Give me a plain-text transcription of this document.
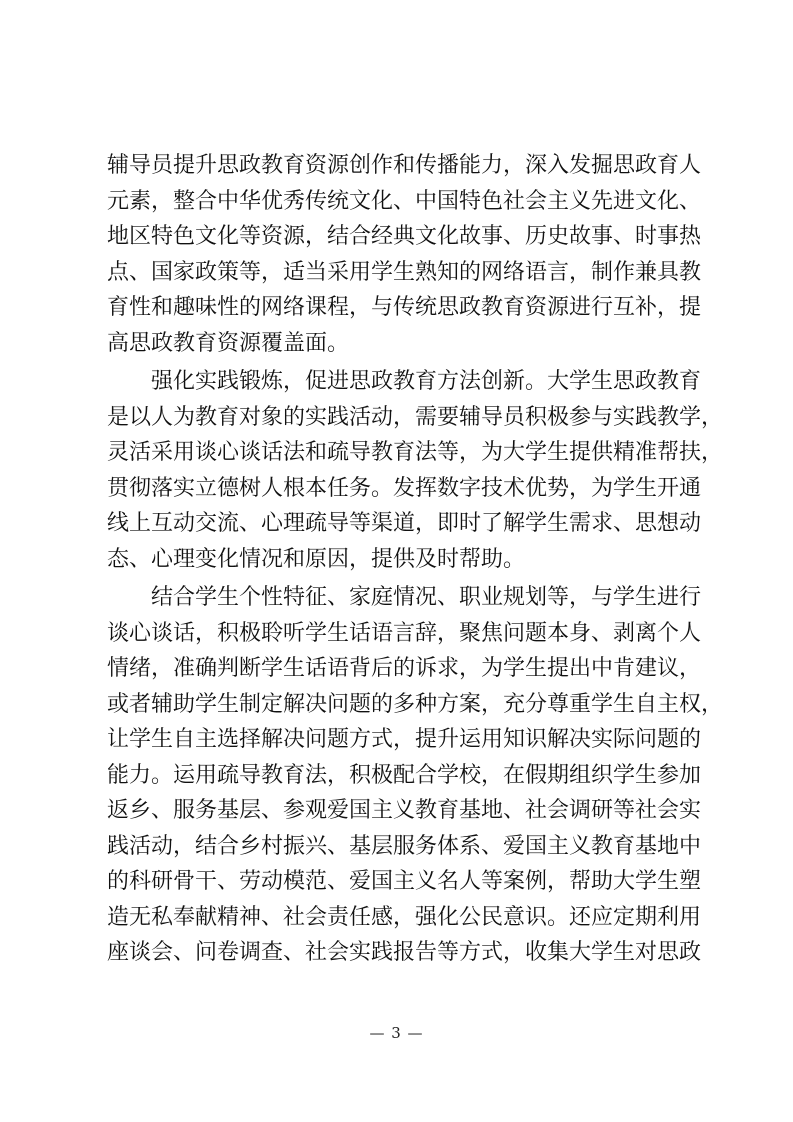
辅导员提升思政教育资源创作和传播能力，深入发掘思政育人
元素，整合中华优秀传统文化、中国特色社会主义先进文化、
地区特色文化等资源，结合经典文化故事、历史故事、时事热
点、国家政策等，适当采用学生熟知的网络语言，制作兼具教
育性和趣味性的网络课程，与传统思政教育资源进行互补，提
高思政教育资源覆盖面。
强化实践锻炼，促进思政教育方法创新。大学生思政教育
是以人为教育对象的实践活动，需要辅导员积极参与实践教学，
灵活采用谈心谈话法和疏导教育法等，为大学生提供精准帮扶，
贯彻落实立德树人根本任务。发挥数字技术优势，为学生开通
线上互动交流、心理疏导等渠道，即时了解学生需求、思想动
态、心理变化情况和原因，提供及时帮助。
结合学生个性特征、家庭情况、职业规划等，与学生进行
谈心谈话，积极聆听学生话语言辞，聚焦问题本身、剥离个人
情绪，准确判断学生话语背后的诉求，为学生提出中肯建议，
或者辅助学生制定解决问题的多种方案，充分尊重学生自主权，
让学生自主选择解决问题方式，提升运用知识解决实际问题的
能力。运用疏导教育法，积极配合学校，在假期组织学生参加
返乡、服务基层、参观爱国主义教育基地、社会调研等社会实
践活动，结合乡村振兴、基层服务体系、爱国主义教育基地中
的科研骨干、劳动模范、爱国主义名人等案例，帮助大学生塑
造无私奉献精神、社会责任感，强化公民意识。还应定期利用
座谈会、问卷调查、社会实践报告等方式，收集大学生对思政
— 3 —
